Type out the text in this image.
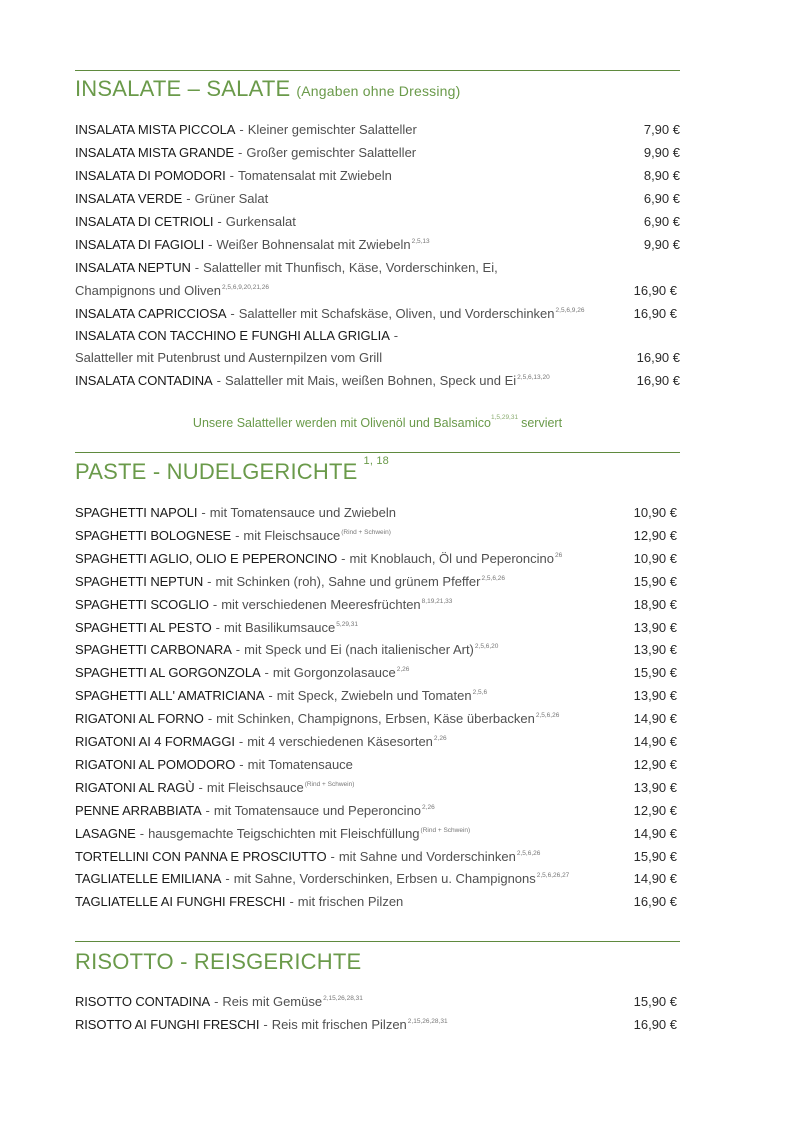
INSALATE – SALATE (Angaben ohne Dressing)
INSALATA MISTA PICCOLA - Kleiner gemischter Salatteller	7,90 €
INSALATA MISTA GRANDE - Großer gemischter Salatteller	9,90 €
INSALATA DI POMODORI - Tomatensalat mit Zwiebeln	8,90 €
INSALATA VERDE - Grüner Salat	6,90 €
INSALATA DI CETRIOLI - Gurkensalat	6,90 €
INSALATA DI FAGIOLI - Weißer Bohnensalat mit Zwiebeln$^{2,5,13}$	9,90 €
INSALATA NEPTUN - Salatteller mit Thunfisch, Käse, Vorderschinken, Ei,
Champignons und Oliven$^{2,5,6,9,20,21,26}$	16,90 €
INSALATA CAPRICCIOSA - Salatteller mit Schafskäse, Oliven, und Vorderschinken$^{2,5,6,9,26}$	16,90 €
INSALATA CON TACCHINO E FUNGHI ALLA GRIGLIA -
Salatteller mit Putenbrust und Austernpilzen vom Grill	16,90 €
INSALATA CONTADINA - Salatteller mit Mais, weißen Bohnen, Speck und Ei$^{2,5,6,13,20}$	16,90 €
Unsere Salatteller werden mit Olivenöl und Balsamico$^{1,5,29,31}$ serviert
PASTE - NUDELGERICHTE $^{1, 18}$
SPAGHETTI NAPOLI - mit Tomatensauce und Zwiebeln	10,90 €
SPAGHETTI BOLOGNESE - mit Fleischsauce$^{(Rind + Schwein)}$	12,90 €
SPAGHETTI AGLIO, OLIO E PEPERONCINO - mit Knoblauch, Öl und Peperoncino$^{26}$	10,90 €
SPAGHETTI NEPTUN - mit Schinken (roh), Sahne und grünem Pfeffer$^{2,5,6,26}$	15,90 €
SPAGHETTI SCOGLIO - mit verschiedenen Meeresfrüchten$^{8,19,21,33}$	18,90 €
SPAGHETTI AL PESTO - mit Basilikumsauce$^{5,29,31}$	13,90 €
SPAGHETTI CARBONARA - mit Speck und Ei (nach italienischer Art)$^{2,5,6,20}$	13,90 €
SPAGHETTI AL GORGONZOLA - mit Gorgonzolasauce$^{2,26}$	15,90 €
SPAGHETTI ALL' AMATRICIANA - mit Speck, Zwiebeln und Tomaten$^{2,5,6}$	13,90 €
RIGATONI AL FORNO - mit Schinken, Champignons, Erbsen, Käse überbacken$^{2,5,6,26}$	14,90 €
RIGATONI AI 4 FORMAGGI - mit 4 verschiedenen Käsesorten$^{2,26}$	14,90 €
RIGATONI AL POMODORO - mit Tomatensauce	12,90 €
RIGATONI AL RAGÙ - mit Fleischsauce$^{(Rind + Schwein)}$	13,90 €
PENNE ARRABBIATA - mit Tomatensauce und Peperoncino$^{2,26}$	12,90 €
LASAGNE - hausgemachte Teigschichten mit Fleischfüllung$^{(Rind + Schwein)}$	14,90 €
TORTELLINI CON PANNA E PROSCIUTTO - mit Sahne und Vorderschinken$^{2,5,6,26}$	15,90 €
TAGLIATELLE EMILIANA - mit Sahne, Vorderschinken, Erbsen u. Champignons$^{2,5,6,26,27}$	14,90 €
TAGLIATELLE AI FUNGHI FRESCHI - mit frischen Pilzen	16,90 €
RISOTTO - REISGERICHTE
RISOTTO CONTADINA - Reis mit Gemüse$^{2,15,26,28,31}$	15,90 €
RISOTTO AI FUNGHI FRESCHI - Reis mit frischen Pilzen$^{2,15,26,28,31}$	16,90 €
